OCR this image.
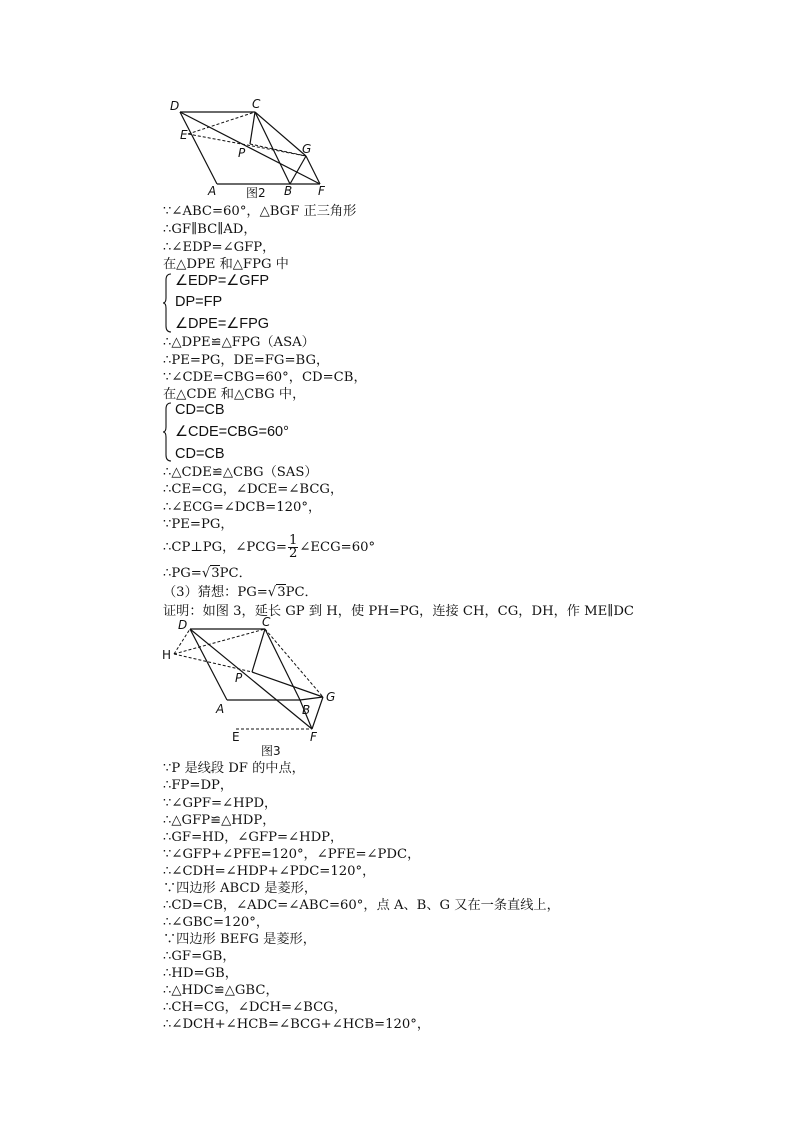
D	C
E
P	G
A	B F
图2
∵∠ABC=60°，△BGF 正三角形
∴GF∥BC∥AD，
∴∠EDP=∠GFP，
在△DPE 和△FPG 中
∠EDP=∠GFP
DP=FP
∠DPE=∠FPG
∴△DPE≌△FPG（ASA）
∴PE=PG，DE=FG=BG，
∵∠CDE=CBG=60°，CD=CB，
在△CDE 和△CBG 中，
CD=CB
∠CDE=CBG=60°
CD=CB
∴△CDE≌△CBG（SAS）
∴CE=CG，∠DCE=∠BCG，
∴∠ECG=∠DCB=120°，
∵PE=PG，
∴CP⊥PG，∠PCG= $\frac{1}{2}$ ∠ECG=60°
∴PG=√3PC．
（3）猜想：PG=√3PC．
证明：如图 3，延长 GP 到 H，使 PH=PG，连接 CH，CG，DH，作 ME∥DC
D	C
H
P
G
A	B
E	F
图3
∵P 是线段 DF 的中点，
∴FP=DP，
∵∠GPF=∠HPD，
∴△GFP≌△HDP，
∴GF=HD，∠GFP=∠HDP，
∵∠GFP+∠PFE=120°，∠PFE=∠PDC，
∴∠CDH=∠HDP+∠PDC=120°，
∵四边形 ABCD 是菱形，
∴CD=CB，∠ADC=∠ABC=60°，点 A、B、G 又在一条直线上，
∴∠GBC=120°，
∵四边形 BEFG 是菱形，
∴GF=GB，
∴HD=GB，
∴△HDC≌△GBC，
∴CH=CG，∠DCH=∠BCG，
∴∠DCH+∠HCB=∠BCG+∠HCB=120°，
